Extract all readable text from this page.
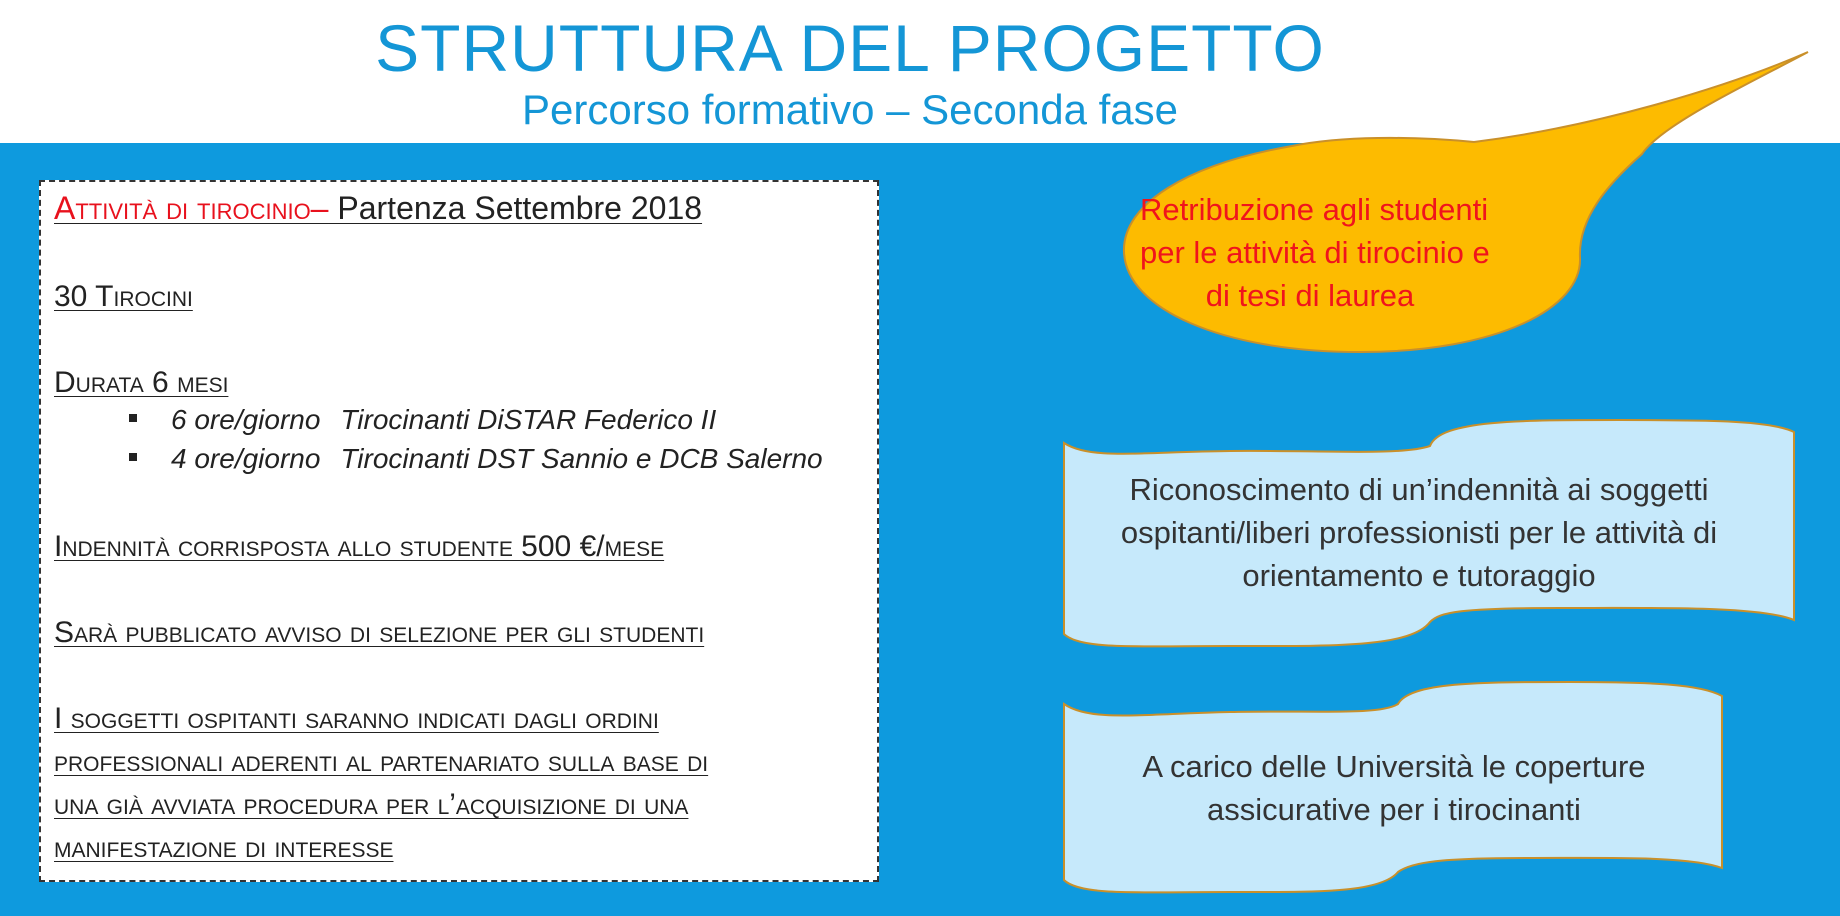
STRUTTURA DEL PROGETTO
Percorso formativo – Seconda fase
Attività di tirocinio– Partenza Settembre 2018
30 Tirocini
Durata 6 mesi
6 ore/giorno Tirocinanti DiSTAR Federico II
4 ore/giorno Tirocinanti DST Sannio e DCB Salerno
Indennità corrisposta allo studente 500 €/mese
Sarà pubblicato avviso di selezione per gli studenti
I soggetti ospitanti saranno indicati dagli ordini
professionali aderenti al partenariato sulla base di
una già avviata procedura per l’acquisizione di una
manifestazione di interesse
Retribuzione agli studenti
per le attività di tirocinio e
di tesi di laurea
Riconoscimento di un’indennità ai soggetti
ospitanti/liberi professionisti per le attività di
orientamento e tutoraggio
A carico delle Università le coperture
assicurative per i tirocinanti
